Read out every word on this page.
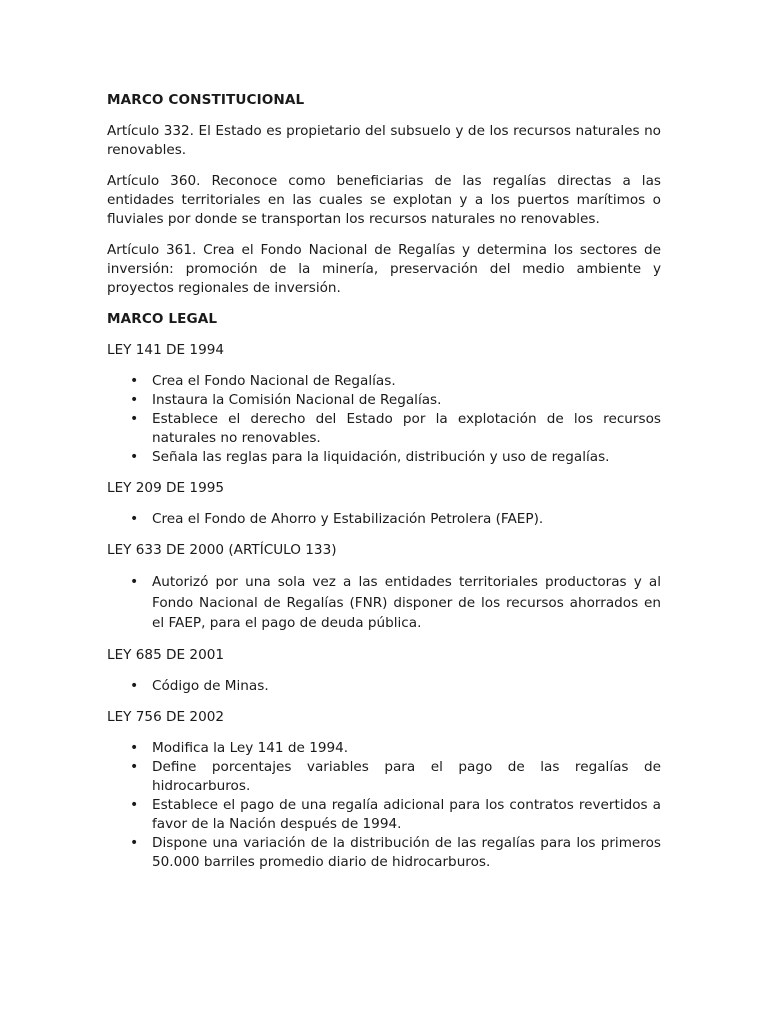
MARCO CONSTITUCIONAL

Artículo 332. El Estado es propietario del subsuelo y de los recursos naturales no renovables.

Artículo 360. Reconoce como beneficiarias de las regalías directas a las entidades territoriales en las cuales se explotan y a los puertos marítimos o fluviales por donde se transportan los recursos naturales no renovables.

Artículo 361. Crea el Fondo Nacional de Regalías y determina los sectores de inversión: promoción de la minería, preservación del medio ambiente y proyectos regionales de inversión.

MARCO LEGAL
LEY 141 DE 1994
• Crea el Fondo Nacional de Regalías.
• Instaura la Comisión Nacional de Regalías.
• Establece el derecho del Estado por la explotación de los recursos naturales no renovables.
• Señala las reglas para la liquidación, distribución y uso de regalías.
LEY 209 DE 1995
• Crea el Fondo de Ahorro y Estabilización Petrolera (FAEP).
LEY 633 DE 2000 (ARTÍCULO 133)
• Autorizó por una sola vez a las entidades territoriales productoras y al Fondo Nacional de Regalías (FNR) disponer de los recursos ahorrados en el FAEP, para el pago de deuda pública.
LEY 685 DE 2001
• Código de Minas.
LEY 756 DE 2002
• Modifica la Ley 141 de 1994.
• Define porcentajes variables para el pago de las regalías de hidrocarburos.
• Establece el pago de una regalía adicional para los contratos revertidos a favor de la Nación después de 1994.
• Dispone una variación de la distribución de las regalías para los primeros 50.000 barriles promedio diario de hidrocarburos.
